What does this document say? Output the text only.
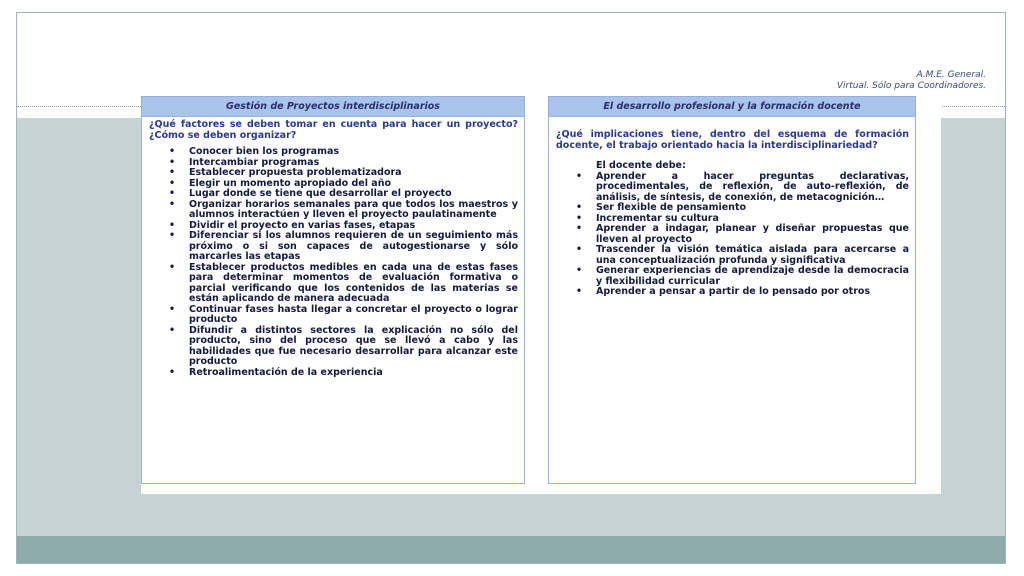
A.M.E. General.
Virtual. Sólo para Coordinadores.
Gestión de Proyectos interdisciplinarios

¿Qué factores se deben tomar en cuenta para hacer un proyecto? ¿Cómo se deben organizar?

• Conocer bien los programas
• Intercambiar programas
• Establecer propuesta problematizadora
• Elegir un momento apropiado del año
• Lugar donde se tiene que desarrollar el proyecto
• Organizar horarios semanales para que todos los maestros y alumnos interactúen y lleven el proyecto paulatinamente
• Dividir el proyecto en varias fases, etapas
• Diferenciar si los alumnos requieren de un seguimiento más próximo o si son capaces de autogestionarse y sólo marcarles las etapas
• Establecer productos medibles en cada una de estas fases para determinar momentos de evaluación formativa o parcial verificando que los contenidos de las materias se están aplicando de manera adecuada
• Continuar fases hasta llegar a concretar el proyecto o lograr producto
• Difundir a distintos sectores la explicación no sólo del producto, sino del proceso que se llevó a cabo y las habilidades que fue necesario desarrollar para alcanzar este producto
• Retroalimentación de la experiencia
El desarrollo profesional y la formación docente

¿Qué implicaciones tiene, dentro del esquema de formación docente, el trabajo orientado hacia la interdisciplinariedad?

El docente debe:
• Aprender a hacer preguntas declarativas, procedimentales, de reflexión, de auto-reflexión, de análisis, de síntesis, de conexión, de metacognición…
• Ser flexible de pensamiento
• Incrementar su cultura
• Aprender a indagar, planear y diseñar propuestas que lleven al proyecto
• Trascender la visión temática aislada para acercarse a una conceptualización profunda y significativa
• Generar experiencias de aprendizaje desde la democracia y flexibilidad curricular
• Aprender a pensar a partir de lo pensado por otros
